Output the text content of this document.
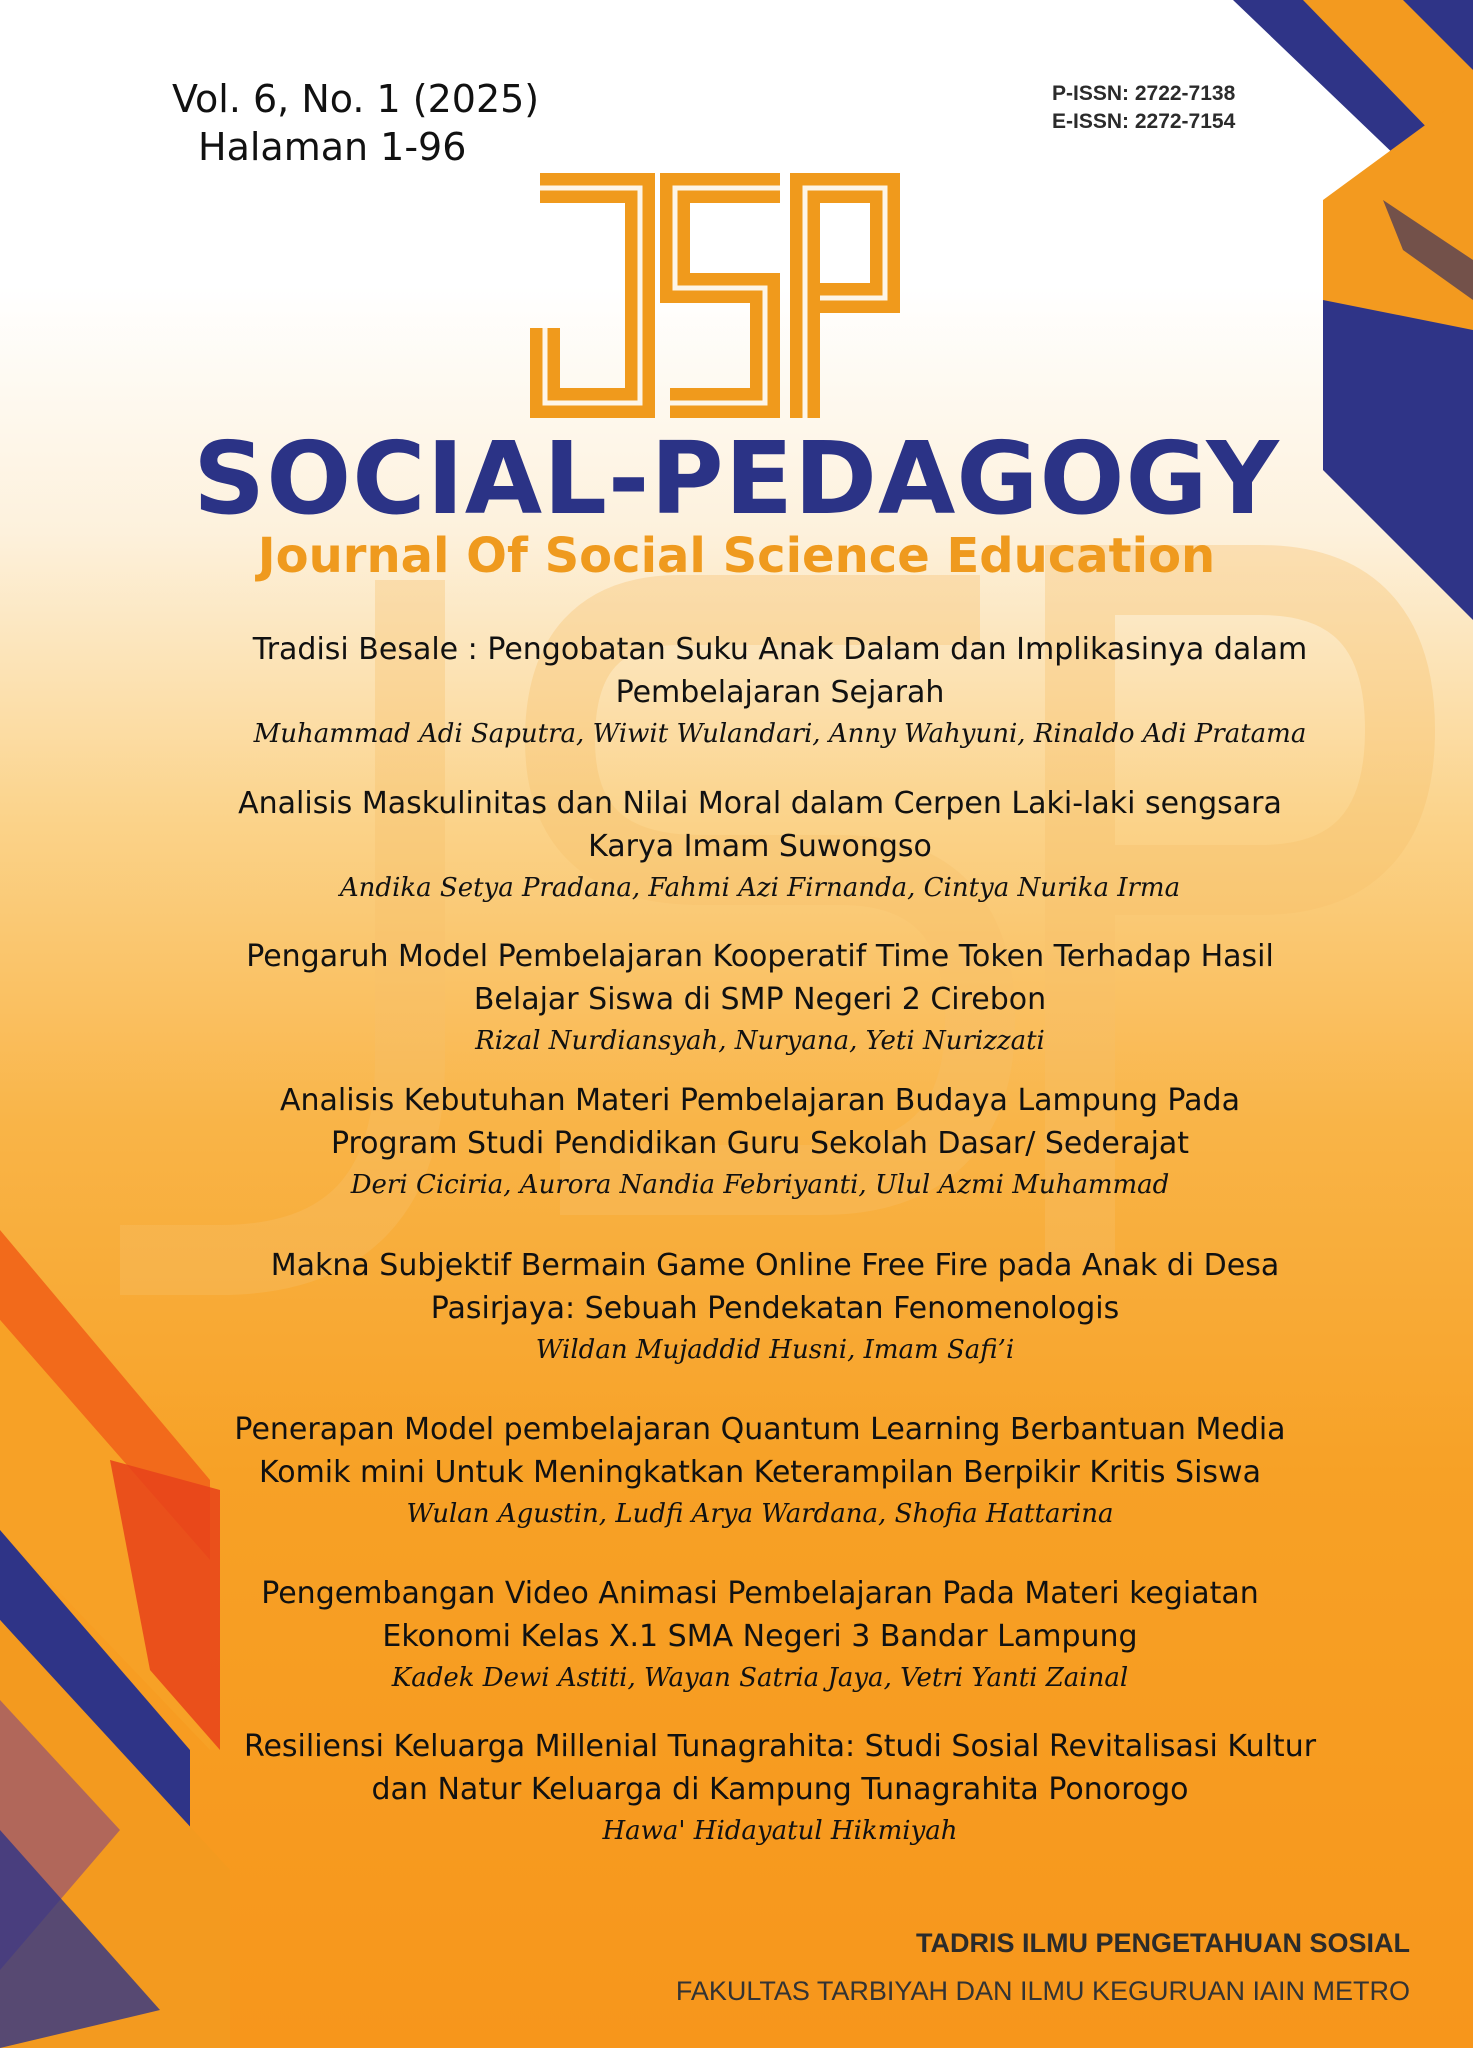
Vol. 6, No. 1 (2025)
Halaman 1-96
P-ISSN: 2722-7138
E-ISSN: 2272-7154
SOCIAL-PEDAGOGY
Journal Of Social Science Education
Tradisi Besale : Pengobatan Suku Anak Dalam dan Implikasinya dalam
Pembelajaran Sejarah
Muhammad Adi Saputra, Wiwit Wulandari, Anny Wahyuni, Rinaldo Adi Pratama
Analisis Maskulinitas dan Nilai Moral dalam Cerpen Laki-laki sengsara
Karya Imam Suwongso
Andika Setya Pradana, Fahmi Azi Firnanda, Cintya Nurika Irma
Pengaruh Model Pembelajaran Kooperatif Time Token Terhadap Hasil
Belajar Siswa di SMP Negeri 2 Cirebon
Rizal Nurdiansyah, Nuryana, Yeti Nurizzati
Analisis Kebutuhan Materi Pembelajaran Budaya Lampung Pada
Program Studi Pendidikan Guru Sekolah Dasar/ Sederajat
Deri Ciciria, Aurora Nandia Febriyanti, Ulul Azmi Muhammad
Makna Subjektif Bermain Game Online Free Fire pada Anak di Desa
Pasirjaya: Sebuah Pendekatan Fenomenologis
Wildan Mujaddid Husni, Imam Safi’i
Penerapan Model pembelajaran Quantum Learning Berbantuan Media
Komik mini Untuk Meningkatkan Keterampilan Berpikir Kritis Siswa
Wulan Agustin, Ludfi Arya Wardana, Shofia Hattarina
Pengembangan Video Animasi Pembelajaran Pada Materi kegiatan
Ekonomi Kelas X.1 SMA Negeri 3 Bandar Lampung
Kadek Dewi Astiti, Wayan Satria Jaya, Vetri Yanti Zainal
Resiliensi Keluarga Millenial Tunagrahita: Studi Sosial Revitalisasi Kultur
dan Natur Keluarga di Kampung Tunagrahita Ponorogo
Hawa' Hidayatul Hikmiyah
TADRIS ILMU PENGETAHUAN SOSIAL
FAKULTAS TARBIYAH DAN ILMU KEGURUAN IAIN METRO
